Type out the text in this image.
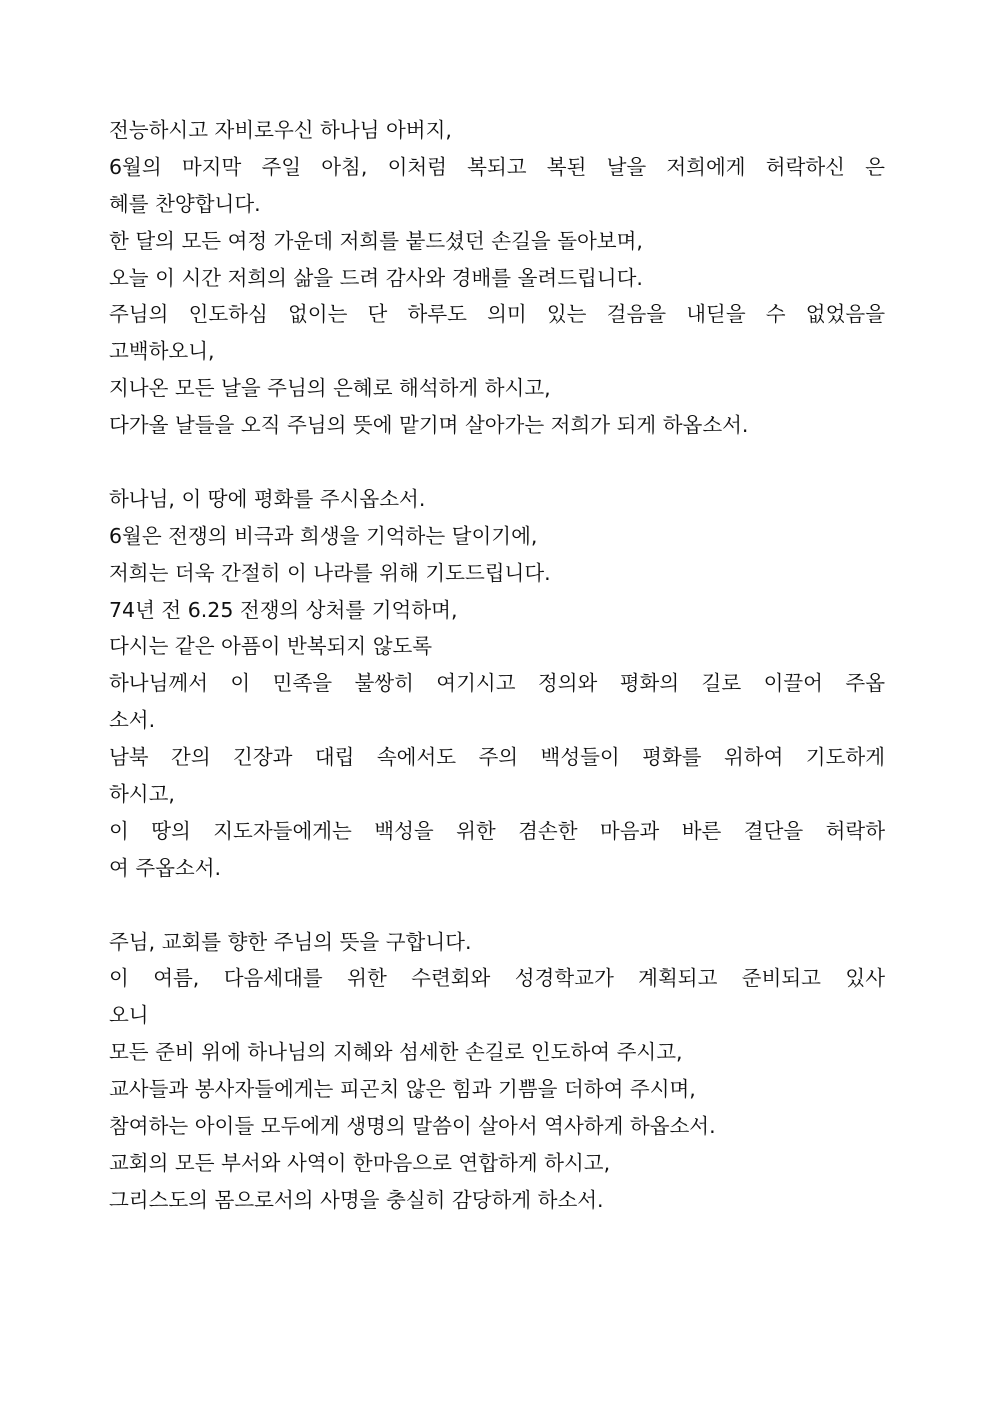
전능하시고 자비로우신 하나님 아버지,
6월의 마지막 주일 아침, 이처럼 복되고 복된 날을 저희에게 허락하신 은
혜를 찬양합니다.
한 달의 모든 여정 가운데 저희를 붙드셨던 손길을 돌아보며,
오늘 이 시간 저희의 삶을 드려 감사와 경배를 올려드립니다.
주님의 인도하심 없이는 단 하루도 의미 있는 걸음을 내딛을 수 없었음을
고백하오니,
지나온 모든 날을 주님의 은혜로 해석하게 하시고,
다가올 날들을 오직 주님의 뜻에 맡기며 살아가는 저희가 되게 하옵소서.
하나님, 이 땅에 평화를 주시옵소서.
6월은 전쟁의 비극과 희생을 기억하는 달이기에,
저희는 더욱 간절히 이 나라를 위해 기도드립니다.
74년 전 6.25 전쟁의 상처를 기억하며,
다시는 같은 아픔이 반복되지 않도록
하나님께서 이 민족을 불쌍히 여기시고 정의와 평화의 길로 이끌어 주옵
소서.
남북 간의 긴장과 대립 속에서도 주의 백성들이 평화를 위하여 기도하게
하시고,
이 땅의 지도자들에게는 백성을 위한 겸손한 마음과 바른 결단을 허락하
여 주옵소서.
주님, 교회를 향한 주님의 뜻을 구합니다.
이 여름, 다음세대를 위한 수련회와 성경학교가 계획되고 준비되고 있사
오니
모든 준비 위에 하나님의 지혜와 섬세한 손길로 인도하여 주시고,
교사들과 봉사자들에게는 피곤치 않은 힘과 기쁨을 더하여 주시며,
참여하는 아이들 모두에게 생명의 말씀이 살아서 역사하게 하옵소서.
교회의 모든 부서와 사역이 한마음으로 연합하게 하시고,
그리스도의 몸으로서의 사명을 충실히 감당하게 하소서.
